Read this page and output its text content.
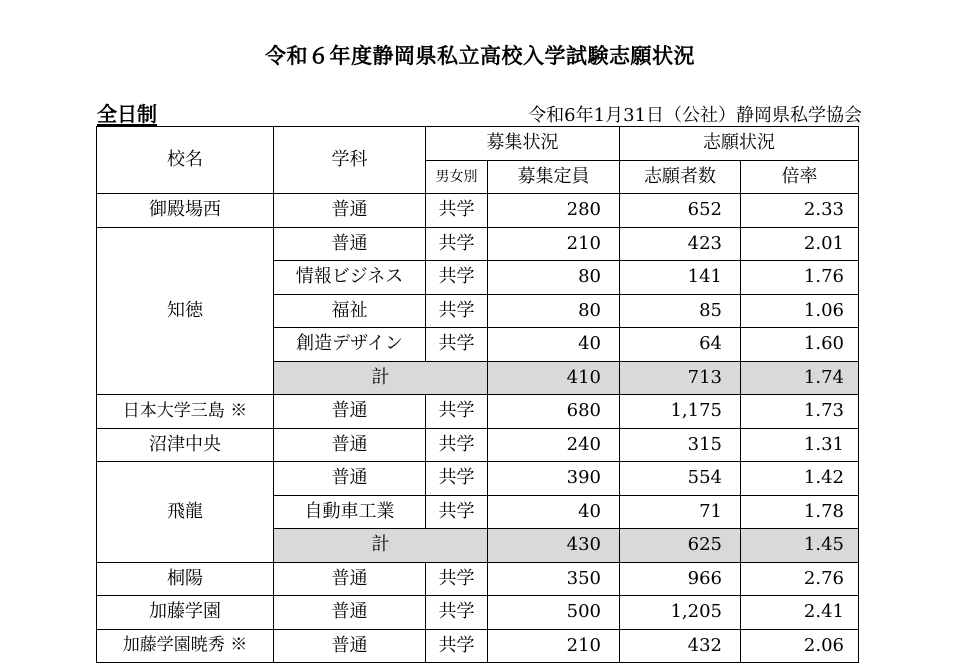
令和６年度静岡県私立高校入学試験志願状況
全日制	令和6年1月31日（公社）静岡県私学協会
校名	学科	募集状況		志願状況	
		男女別	募集定員	志願者数	倍率
御殿場西	普通	共学	280	652	2.33
知徳	普通	共学	210	423	2.01
	情報ビジネス	共学	80	141	1.76
	福祉	共学	80	85	1.06
	創造デザイン	共学	40	64	1.60
	計		410	713	1.74
日本大学三島 ※	普通	共学	680	1,175	1.73
沼津中央	普通	共学	240	315	1.31
飛龍	普通	共学	390	554	1.42
	自動車工業	共学	40	71	1.78
	計		430	625	1.45
桐陽	普通	共学	350	966	2.76
加藤学園	普通	共学	500	1,205	2.41
加藤学園暁秀 ※	普通	共学	210	432	2.06
